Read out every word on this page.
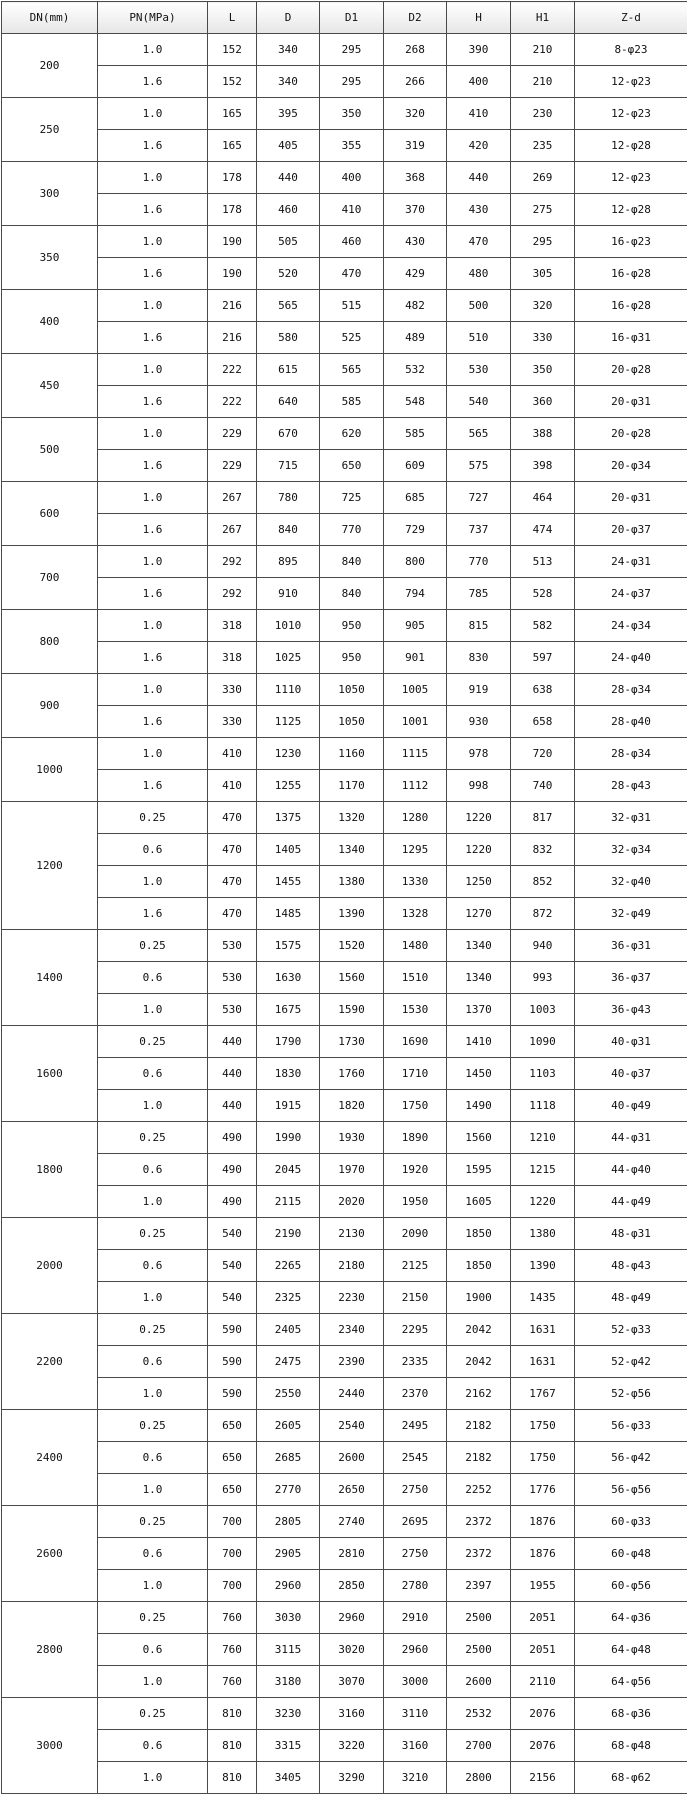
DN(mm)	PN(MPa)	L	D	D1	D2	H	H1	Z-d
200	1.0	152	340	295	268	390	210	8-φ23
	1.6	152	340	295	266	400	210	12-φ23
250	1.0	165	395	350	320	410	230	12-φ23
	1.6	165	405	355	319	420	235	12-φ28
300	1.0	178	440	400	368	440	269	12-φ23
	1.6	178	460	410	370	430	275	12-φ28
350	1.0	190	505	460	430	470	295	16-φ23
	1.6	190	520	470	429	480	305	16-φ28
400	1.0	216	565	515	482	500	320	16-φ28
	1.6	216	580	525	489	510	330	16-φ31
450	1.0	222	615	565	532	530	350	20-φ28
	1.6	222	640	585	548	540	360	20-φ31
500	1.0	229	670	620	585	565	388	20-φ28
	1.6	229	715	650	609	575	398	20-φ34
600	1.0	267	780	725	685	727	464	20-φ31
	1.6	267	840	770	729	737	474	20-φ37
700	1.0	292	895	840	800	770	513	24-φ31
	1.6	292	910	840	794	785	528	24-φ37
800	1.0	318	1010	950	905	815	582	24-φ34
	1.6	318	1025	950	901	830	597	24-φ40
900	1.0	330	1110	1050	1005	919	638	28-φ34
	1.6	330	1125	1050	1001	930	658	28-φ40
1000	1.0	410	1230	1160	1115	978	720	28-φ34
	1.6	410	1255	1170	1112	998	740	28-φ43
1200	0.25	470	1375	1320	1280	1220	817	32-φ31
	0.6	470	1405	1340	1295	1220	832	32-φ34
	1.0	470	1455	1380	1330	1250	852	32-φ40
	1.6	470	1485	1390	1328	1270	872	32-φ49
1400	0.25	530	1575	1520	1480	1340	940	36-φ31
	0.6	530	1630	1560	1510	1340	993	36-φ37
	1.0	530	1675	1590	1530	1370	1003	36-φ43
1600	0.25	440	1790	1730	1690	1410	1090	40-φ31
	0.6	440	1830	1760	1710	1450	1103	40-φ37
	1.0	440	1915	1820	1750	1490	1118	40-φ49
1800	0.25	490	1990	1930	1890	1560	1210	44-φ31
	0.6	490	2045	1970	1920	1595	1215	44-φ40
	1.0	490	2115	2020	1950	1605	1220	44-φ49
2000	0.25	540	2190	2130	2090	1850	1380	48-φ31
	0.6	540	2265	2180	2125	1850	1390	48-φ43
	1.0	540	2325	2230	2150	1900	1435	48-φ49
2200	0.25	590	2405	2340	2295	2042	1631	52-φ33
	0.6	590	2475	2390	2335	2042	1631	52-φ42
	1.0	590	2550	2440	2370	2162	1767	52-φ56
2400	0.25	650	2605	2540	2495	2182	1750	56-φ33
	0.6	650	2685	2600	2545	2182	1750	56-φ42
	1.0	650	2770	2650	2750	2252	1776	56-φ56
2600	0.25	700	2805	2740	2695	2372	1876	60-φ33
	0.6	700	2905	2810	2750	2372	1876	60-φ48
	1.0	700	2960	2850	2780	2397	1955	60-φ56
2800	0.25	760	3030	2960	2910	2500	2051	64-φ36
	0.6	760	3115	3020	2960	2500	2051	64-φ48
	1.0	760	3180	3070	3000	2600	2110	64-φ56
3000	0.25	810	3230	3160	3110	2532	2076	68-φ36
	0.6	810	3315	3220	3160	2700	2076	68-φ48
	1.0	810	3405	3290	3210	2800	2156	68-φ62
